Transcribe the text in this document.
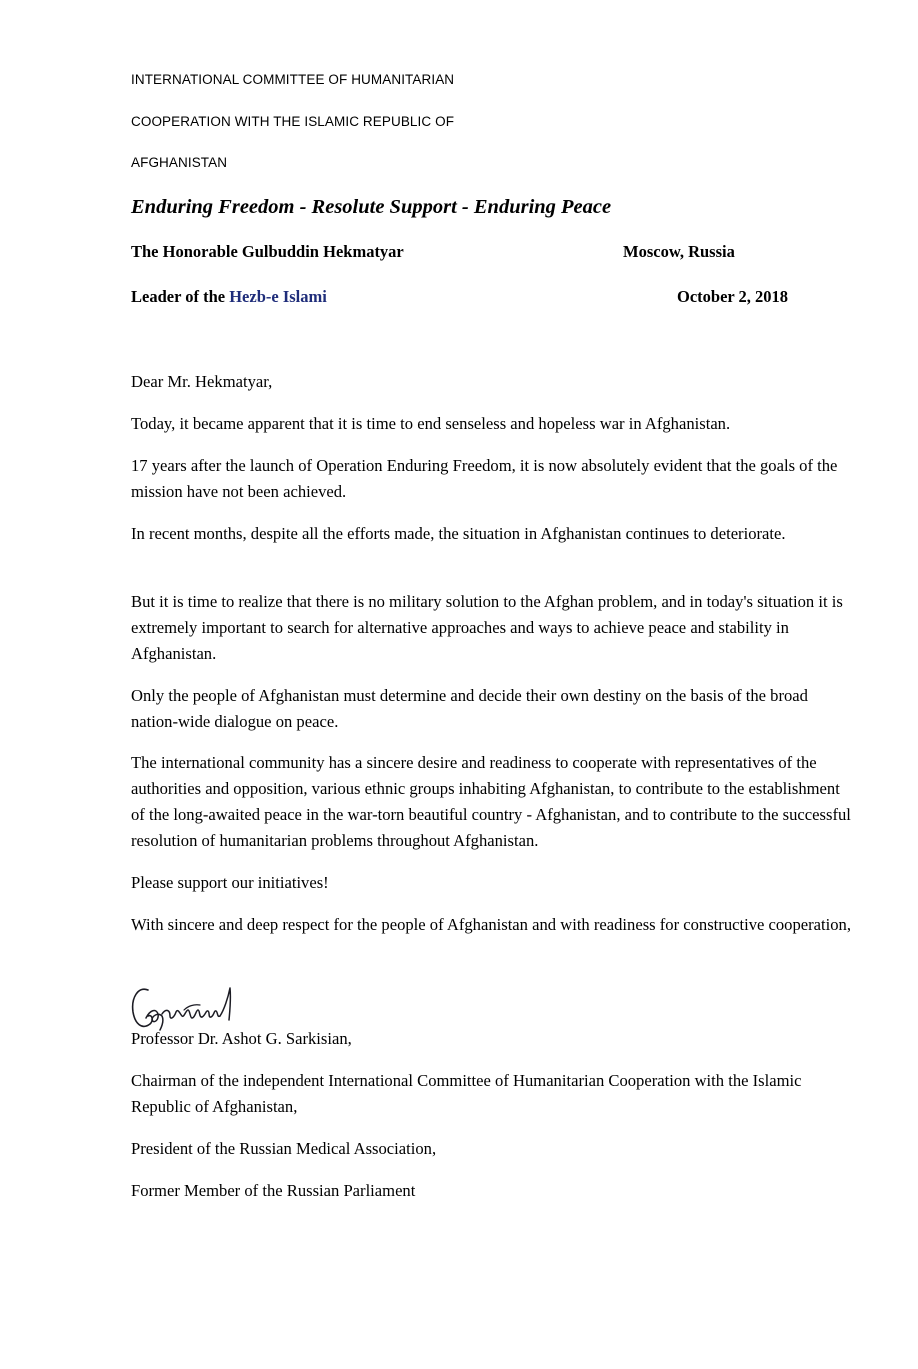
INTERNATIONAL COMMITTEE OF HUMANITARIAN
COOPERATION WITH THE ISLAMIC REPUBLIC OF
AFGHANISTAN
Enduring Freedom - Resolute Support - Enduring Peace
The Honorable Gulbuddin Hekmatyar	Moscow, Russia
Leader of the Hezb-e Islami	October 2, 2018

Dear Mr. Hekmatyar,

Today, it became apparent that it is time to end senseless and hopeless war in Afghanistan.

17 years after the launch of Operation Enduring Freedom, it is now absolutely evident that the goals of the mission have not been achieved.

In recent months, despite all the efforts made, the situation in Afghanistan continues to deteriorate.

But it is time to realize that there is no military solution to the Afghan problem, and in today's situation it is extremely important to search for alternative approaches and ways to achieve peace and stability in Afghanistan.

Only the people of Afghanistan must determine and decide their own destiny on the basis of the broad nation-wide dialogue on peace.

The international community has a sincere desire and readiness to cooperate with representatives of the authorities and opposition, various ethnic groups inhabiting Afghanistan, to contribute to the establishment of the long-awaited peace in the war-torn beautiful country - Afghanistan, and to contribute to the successful resolution of humanitarian problems throughout Afghanistan.

Please support our initiatives!

With sincere and deep respect for the people of Afghanistan and with readiness for constructive cooperation,

Professor Dr. Ashot G. Sarkisian,

Chairman of the independent International Committee of Humanitarian Cooperation with the Islamic Republic of Afghanistan,

President of the Russian Medical Association,

Former Member of the Russian Parliament
